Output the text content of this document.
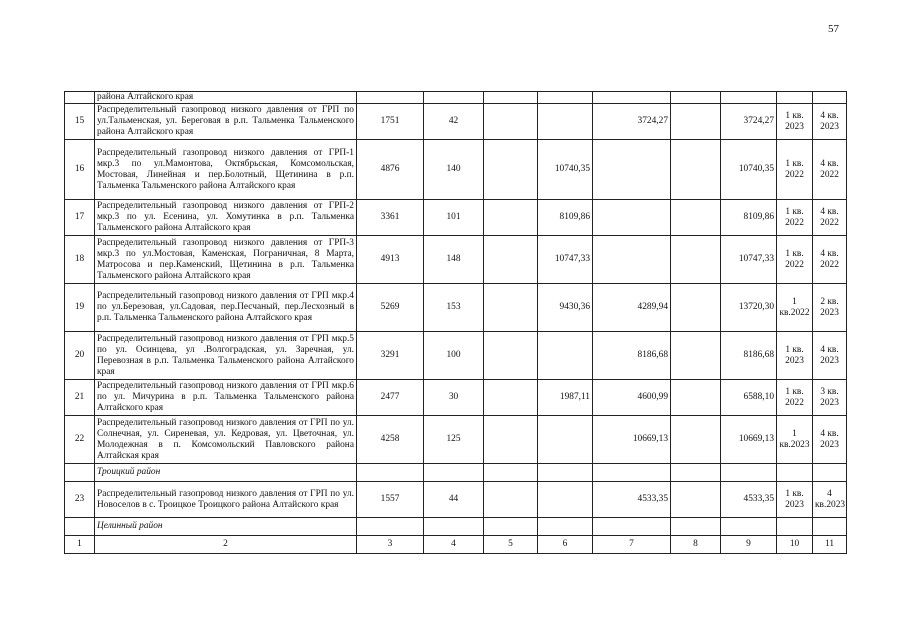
57
	района Алтайского края									
15	Распределительный газопровод низкого давления от ГРП по ул.Тальменская, ул. Береговая в р.п. Тальменка Тальменского района Алтайского края	1751	42			3724,27		3724,27	1 кв. 2023	4 кв. 2023
16	Распределительный газопровод низкого давления от ГРП-1 мкр.3 по ул.Мамонтова, Октябрьская, Комсомольская, Мостовая, Линейная и пер.Болотный, Щетинина в р.п. Тальменка Тальменского района Алтайского края	4876	140		10740,35			10740,35	1 кв. 2022	4 кв. 2022
17	Распределительный газопровод низкого давления от ГРП-2 мкр.3 по ул. Есенина, ул. Хомутинка в р.п. Тальменка Тальменского района Алтайского края	3361	101		8109,86			8109,86	1 кв. 2022	4 кв. 2022
18	Распределительный газопровод низкого давления от ГРП-3 мкр.3 по ул.Мостовая, Каменская, Пограничная, 8 Марта, Матросова и пер.Каменский, Щетинина в р.п. Тальменка Тальменского района Алтайского края	4913	148		10747,33			10747,33	1 кв. 2022	4 кв. 2022
19	Распределительный газопровод низкого давления от ГРП мкр.4 по ул.Березовая, ул.Садовая, пер.Песчаный, пер.Лесхозный в р.п. Тальменка Тальменского района Алтайского края	5269	153		9430,36	4289,94		13720,30	1 кв.2022	2 кв. 2023
20	Распределительный газопровод низкого давления от ГРП мкр.5 по ул. Осинцева, ул .Волгоградская, ул. Заречная, ул. Перевозная в р.п. Тальменка Тальменского района Алтайского края	3291	100			8186,68		8186,68	1 кв. 2023	4 кв. 2023
21	Распределительный газопровод низкого давления от ГРП мкр.6 по ул. Мичурина в р.п. Тальменка Тальменского района Алтайского края	2477	30		1987,11	4600,99		6588,10	1 кв. 2022	3 кв. 2023
22	Распределительный газопровод низкого давления от ГРП по ул. Солнечная, ул. Сиреневая, ул. Кедровая, ул. Цветочная, ул. Молодежная в п. Комсомольский Павловского района Алтайская края	4258	125			10669,13		10669,13	1 кв.2023	4 кв. 2023
	Троицкий район									
23	Распределительный газопровод низкого давления от ГРП по ул. Новоселов в с. Троицкое Троицкого района Алтайского края	1557	44			4533,35		4533,35	1 кв. 2023	4 кв.2023
	Целинный район									
1	2	3	4	5	6	7	8	9	10	11
